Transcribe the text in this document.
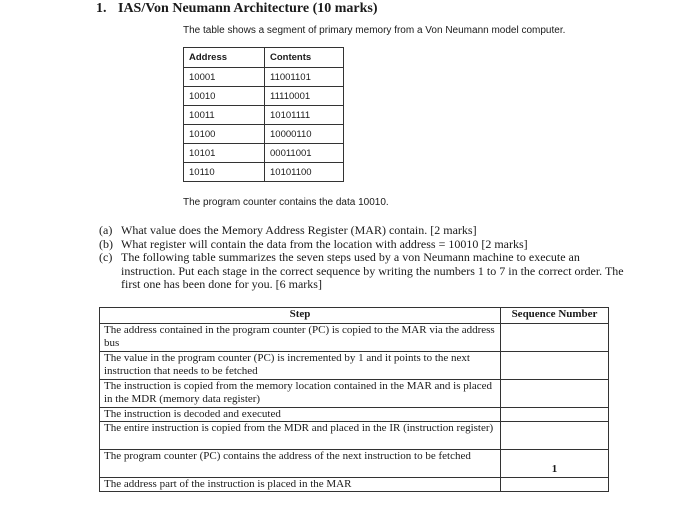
1. IAS/Von Neumann Architecture (10 marks)
The table shows a segment of primary memory from a Von Neumann model computer.
Address	Contents
10001	11001101
10010	11110001
10011	10101111
10100	10000110
10101	00011001
10110	10101100
The program counter contains the data 10010.
(a) What value does the Memory Address Register (MAR) contain. [2 marks]
(b) What register will contain the data from the location with address = 10010 [2 marks]
(c) The following table summarizes the seven steps used by a von Neumann machine to execute an instruction. Put each stage in the correct sequence by writing the numbers 1 to 7 in the correct order. The first one has been done for you. [6 marks]
Step	Sequence Number
The address contained in the program counter (PC) is copied to the MAR via the address bus	
The value in the program counter (PC) is incremented by 1 and it points to the next instruction that needs to be fetched	
The instruction is copied from the memory location contained in the MAR and is placed in the MDR (memory data register)	
The instruction is decoded and executed	
The entire instruction is copied from the MDR and placed in the IR (instruction register)	
The program counter (PC) contains the address of the next instruction to be fetched	1
The address part of the instruction is placed in the MAR	
